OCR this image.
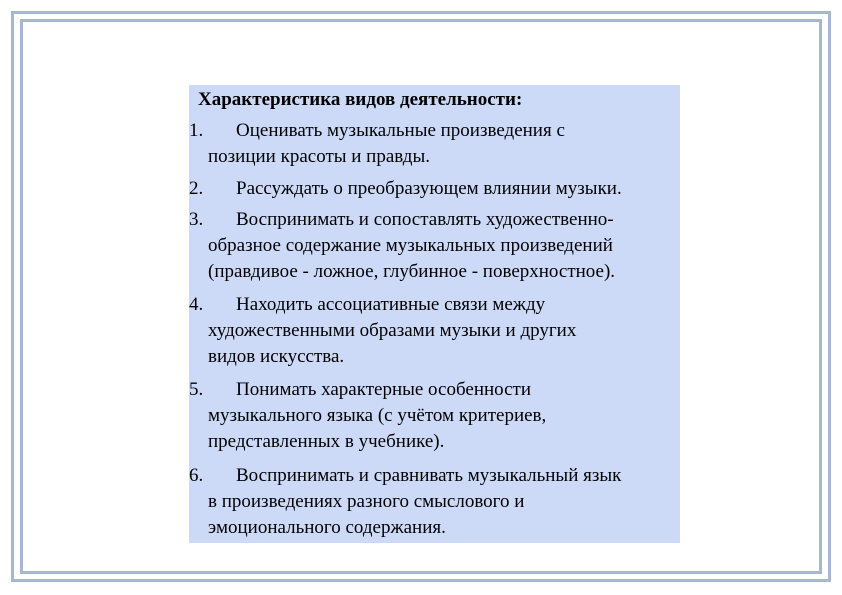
Характеристика видов деятельности:
1. Оценивать музыкальные произведения с
позиции красоты и правды.
2. Рассуждать о преобразующем влиянии музыки.
3. Воспринимать и сопоставлять художественно-
образное содержание музыкальных произведений
(правдивое - ложное, глубинное - поверхностное).
4. Находить ассоциативные связи между
художественными образами музыки и других
видов искусства.
5. Понимать характерные особенности
музыкального языка (с учётом критериев,
представленных в учебнике).
6. Воспринимать и сравнивать музыкальный язык
в произведениях разного смыслового и
эмоционального содержания.
